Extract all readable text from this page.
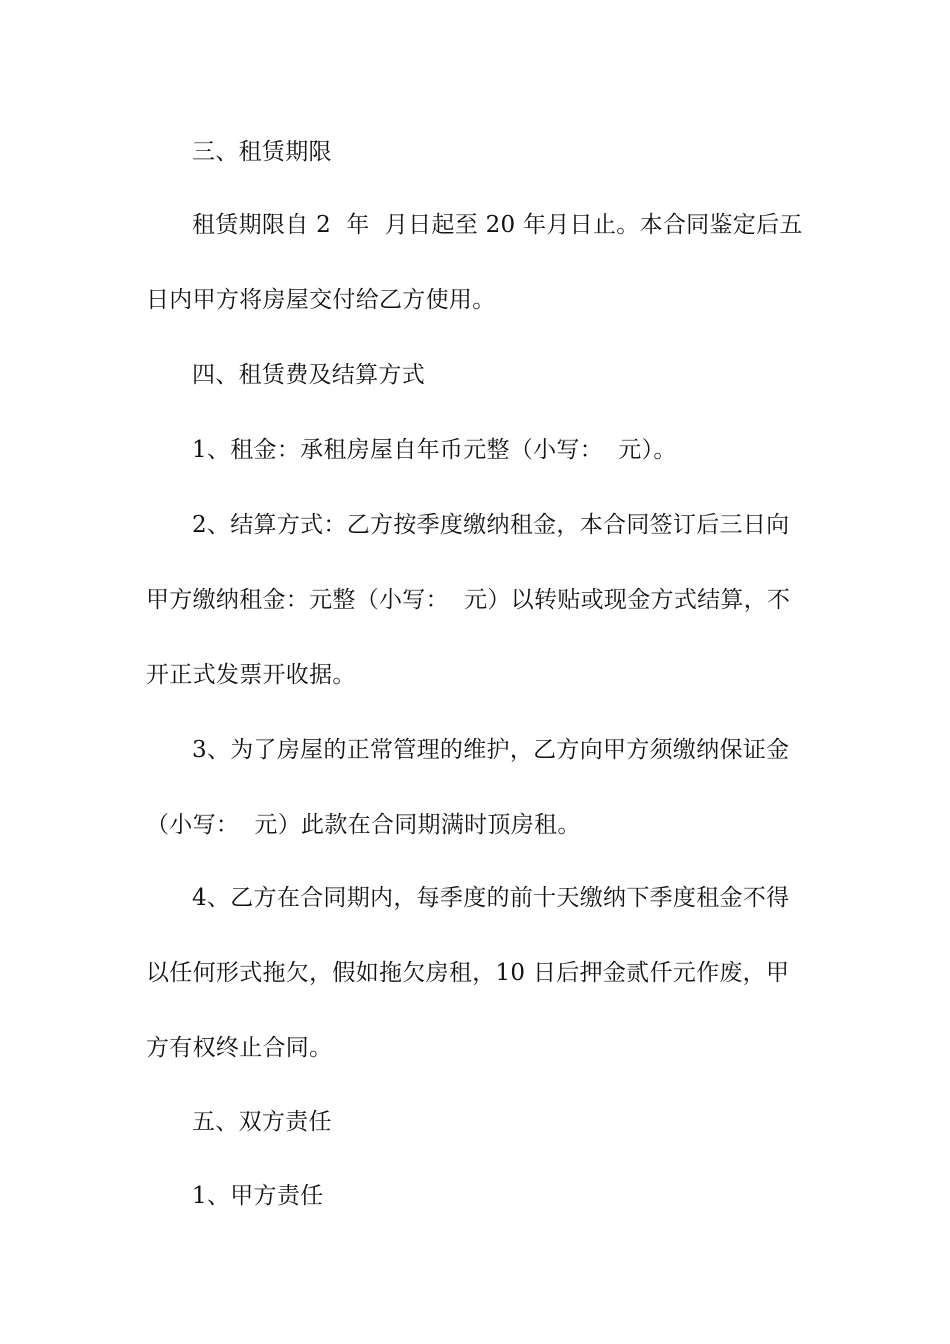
三、租赁期限
租赁期限自 2  年  月日起至 20 年月日止。本合同鉴定后五
日内甲方将房屋交付给乙方使用。
四、租赁费及结算方式
1、租金：承租房屋自年币元整（小写：  元）。
2、结算方式：乙方按季度缴纳租金，本合同签订后三日向
甲方缴纳租金：元整（小写：  元）以转贴或现金方式结算，不
开正式发票开收据。
3、为了房屋的正常管理的维护，乙方向甲方须缴纳保证金
（小写：  元）此款在合同期满时顶房租。
4、乙方在合同期内，每季度的前十天缴纳下季度租金不得
以任何形式拖欠，假如拖欠房租，10 日后押金贰仟元作废，甲
方有权终止合同。
五、双方责任
1、甲方责任
